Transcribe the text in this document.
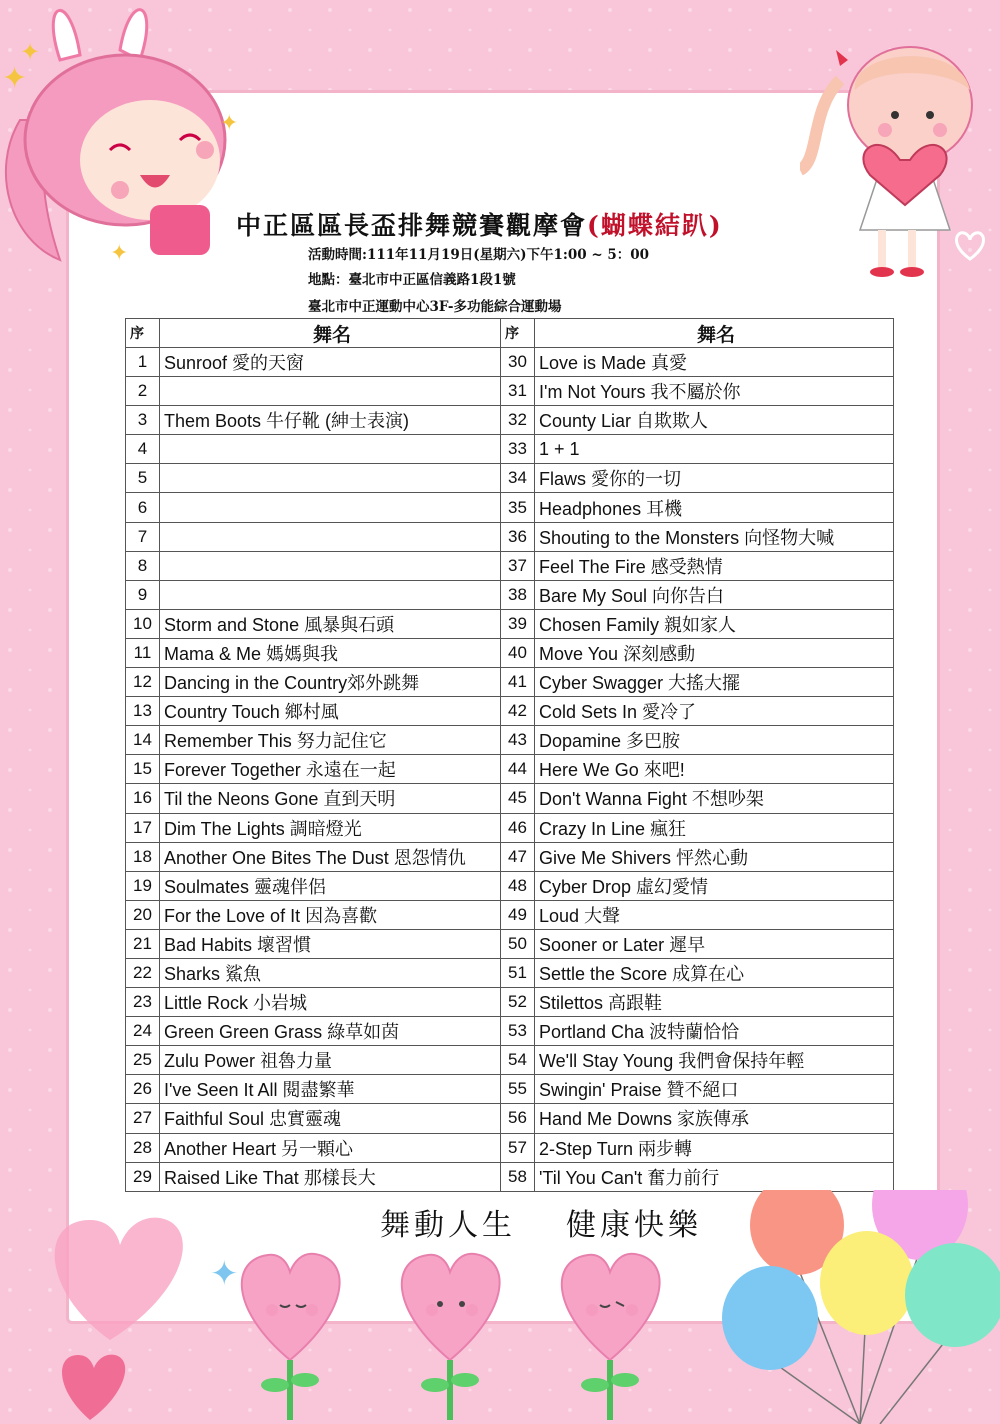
✦
✦
✦
✦
中正區區長盃排舞競賽觀摩會(蝴蝶結趴)
活動時間:111年11月19日(星期六)下午1:00 ~ 5：00
地點：臺北市中正區信義路1段1號
臺北市中正運動中心3F-多功能綜合運動場
序	舞名	序	舞名
1	Sunroof 愛的天窗	30	Love is Made 真愛
2		31	I'm Not Yours 我不屬於你
3	Them Boots 牛仔靴 (紳士表演)	32	County Liar 自欺欺人
4		33	1 + 1
5		34	Flaws 愛你的一切
6		35	Headphones 耳機
7		36	Shouting to the Monsters 向怪物大喊
8		37	Feel The Fire 感受熱情
9		38	Bare My Soul 向你告白
10	Storm and Stone 風暴與石頭	39	Chosen Family 親如家人
11	Mama & Me 媽媽與我	40	Move You 深刻感動
12	Dancing in the Country郊外跳舞	41	Cyber Swagger 大搖大擺
13	Country Touch 鄉村風	42	Cold Sets In 愛冷了
14	Remember This 努力記住它	43	Dopamine 多巴胺
15	Forever Together 永遠在一起	44	Here We Go 來吧!
16	Til the Neons Gone 直到天明	45	Don't Wanna Fight 不想吵架
17	Dim The Lights 調暗燈光	46	Crazy In Line 瘋狂
18	Another One Bites The Dust 恩怨情仇	47	Give Me Shivers 怦然心動
19	Soulmates 靈魂伴侶	48	Cyber Drop 虛幻愛情
20	For the Love of It 因為喜歡	49	Loud 大聲
21	Bad Habits 壞習慣	50	Sooner or Later 遲早
22	Sharks 鯊魚	51	Settle the Score 成算在心
23	Little Rock 小岩城	52	Stilettos 高跟鞋
24	Green Green Grass 綠草如茵	53	Portland Cha 波特蘭恰恰
25	Zulu Power 祖魯力量	54	We'll Stay Young 我們會保持年輕
26	I've Seen It All 閱盡繁華	55	Swingin' Praise 贊不絕口
27	Faithful Soul 忠實靈魂	56	Hand Me Downs 家族傳承
28	Another Heart 另一顆心	57	2-Step Turn 兩步轉
29	Raised Like That 那樣長大	58	'Til You Can't 奮力前行
舞動人生 健康快樂
✦
